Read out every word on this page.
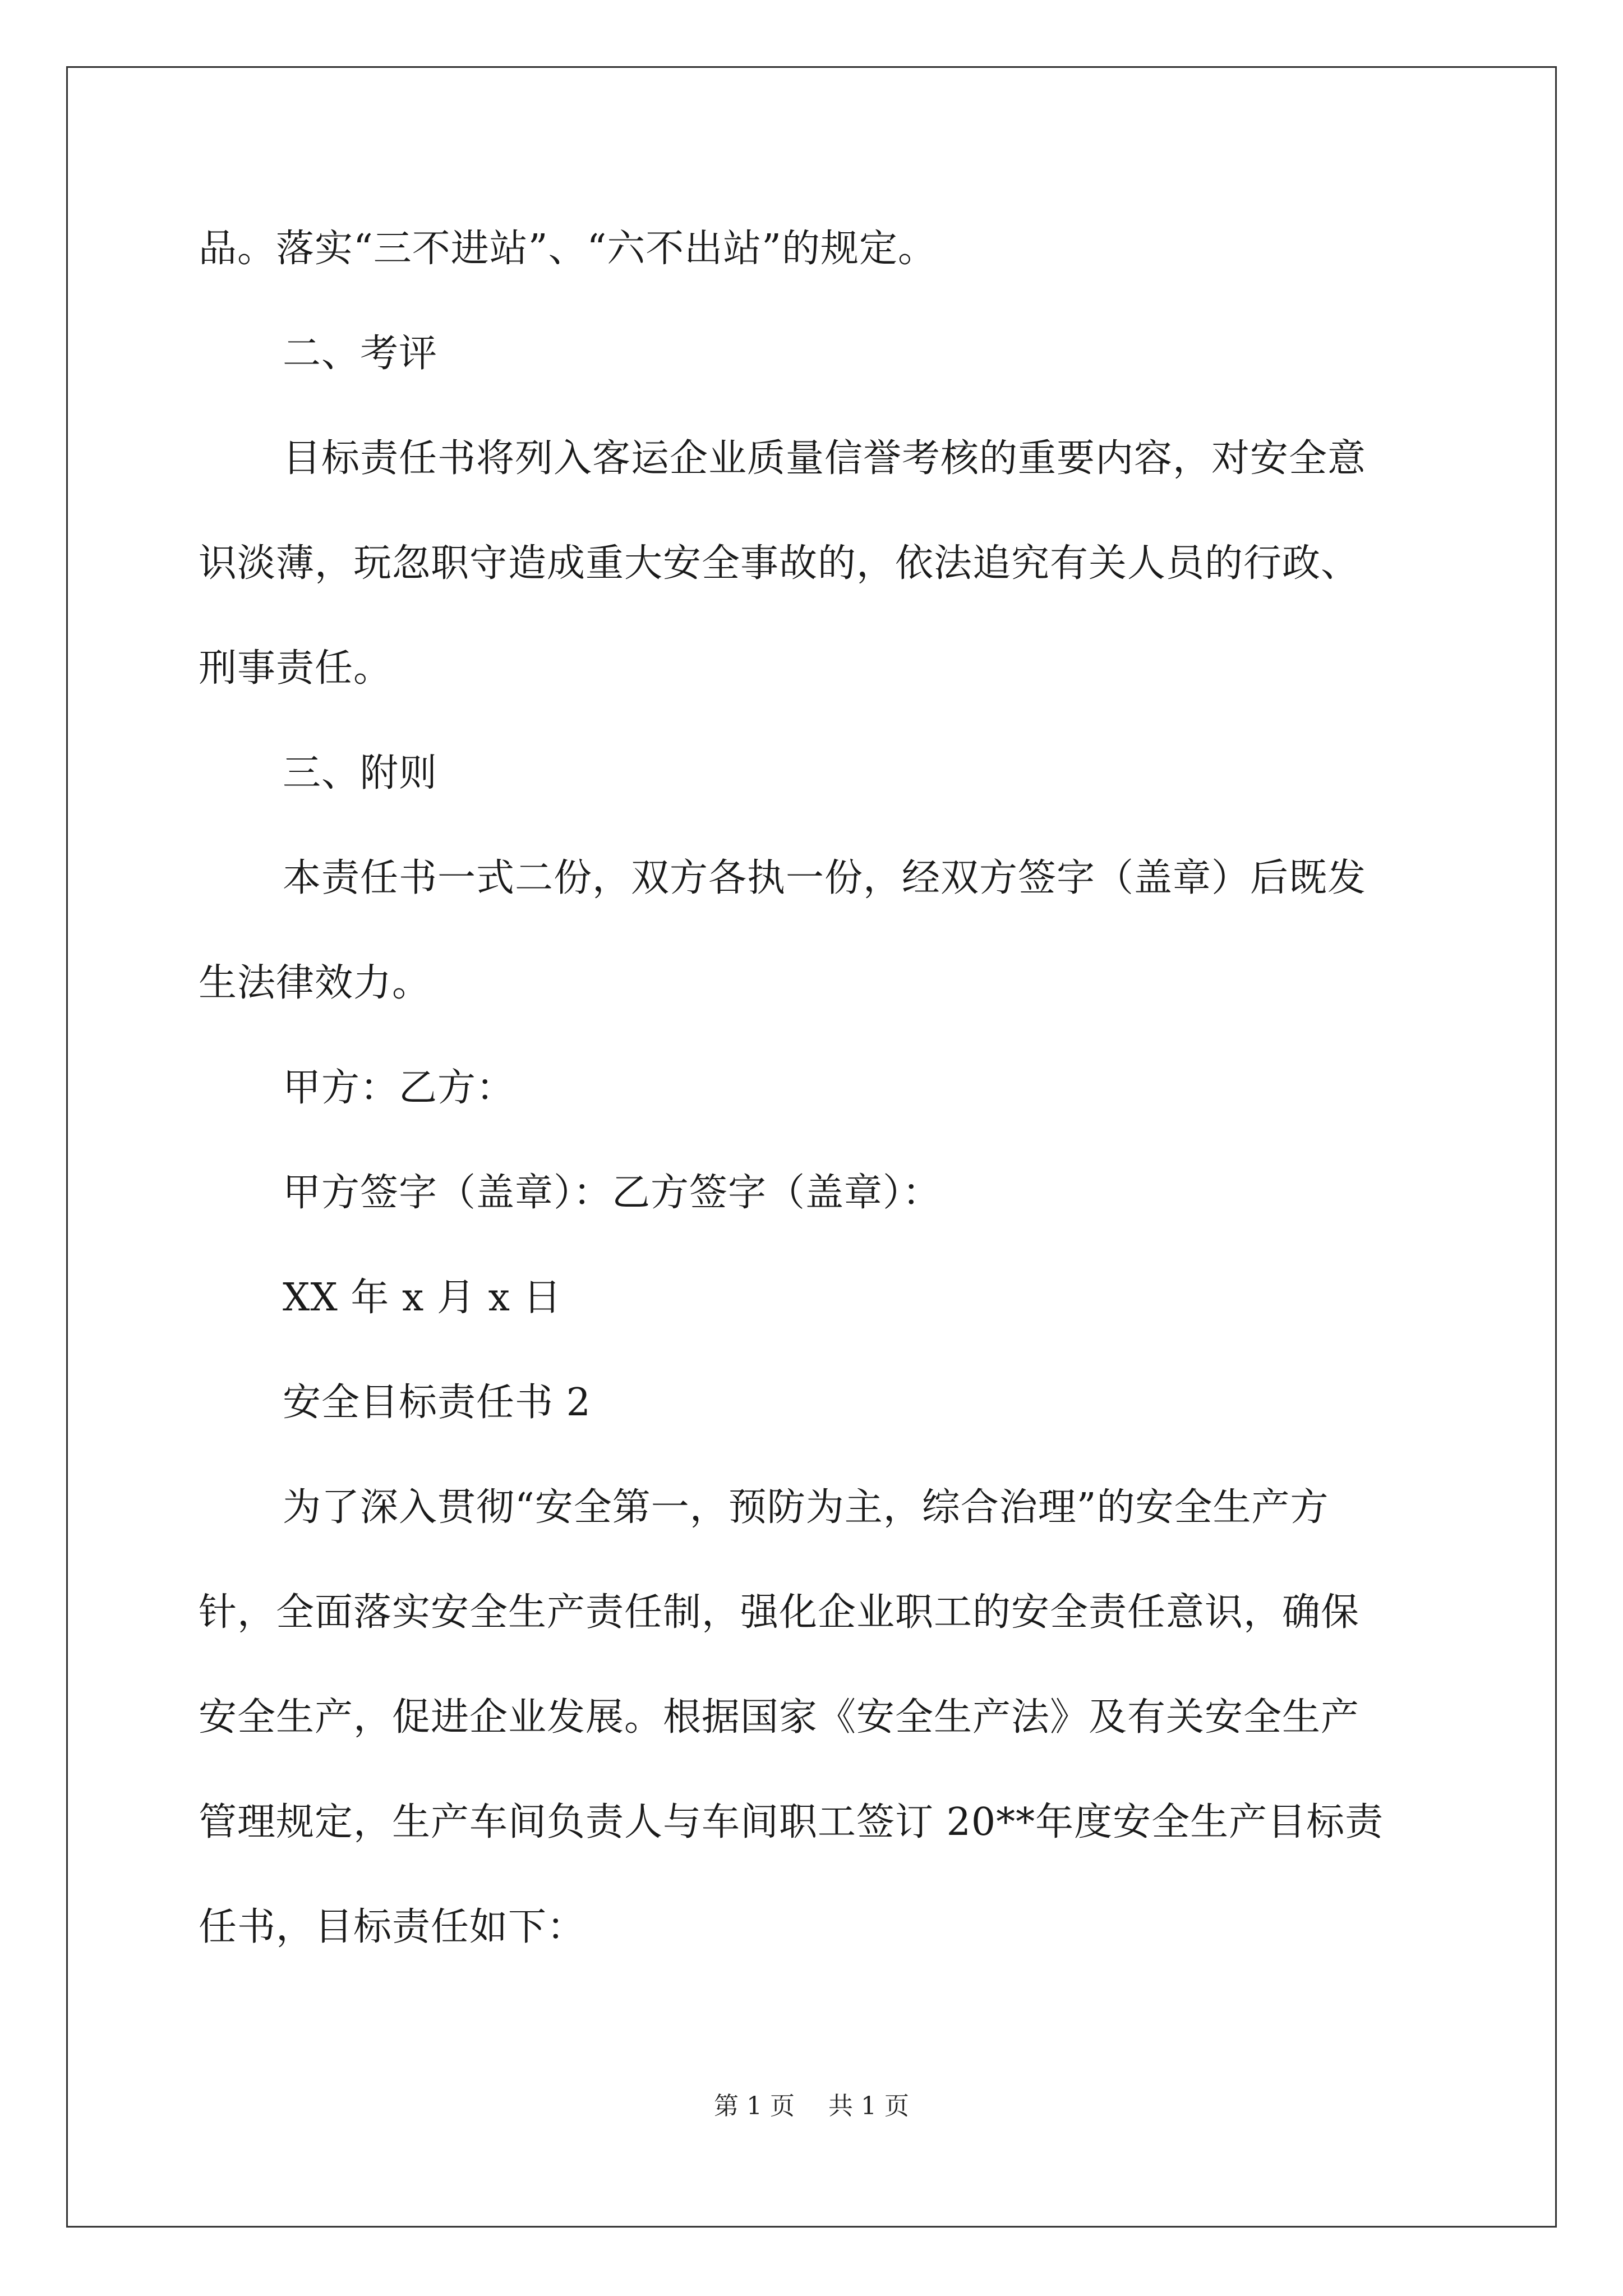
品。落实“三不进站”、“六不出站”的规定。

二、考评

目标责任书将列入客运企业质量信誉考核的重要内容，对安全意
识淡薄，玩忽职守造成重大安全事故的，依法追究有关人员的行政、
刑事责任。

三、附则

本责任书一式二份，双方各执一份，经双方签字（盖章）后既发
生法律效力。

甲方：乙方：

甲方签字（盖章）：乙方签字（盖章）：

XX 年 x 月 x 日

安全目标责任书 2

为了深入贯彻“安全第一，预防为主，综合治理”的安全生产方
针，全面落实安全生产责任制，强化企业职工的安全责任意识，确保
安全生产，促进企业发展。根据国家《安全生产法》及有关安全生产
管理规定，生产车间负责人与车间职工签订 20**年度安全生产目标责
任书，目标责任如下：

第 1 页 共 1 页
